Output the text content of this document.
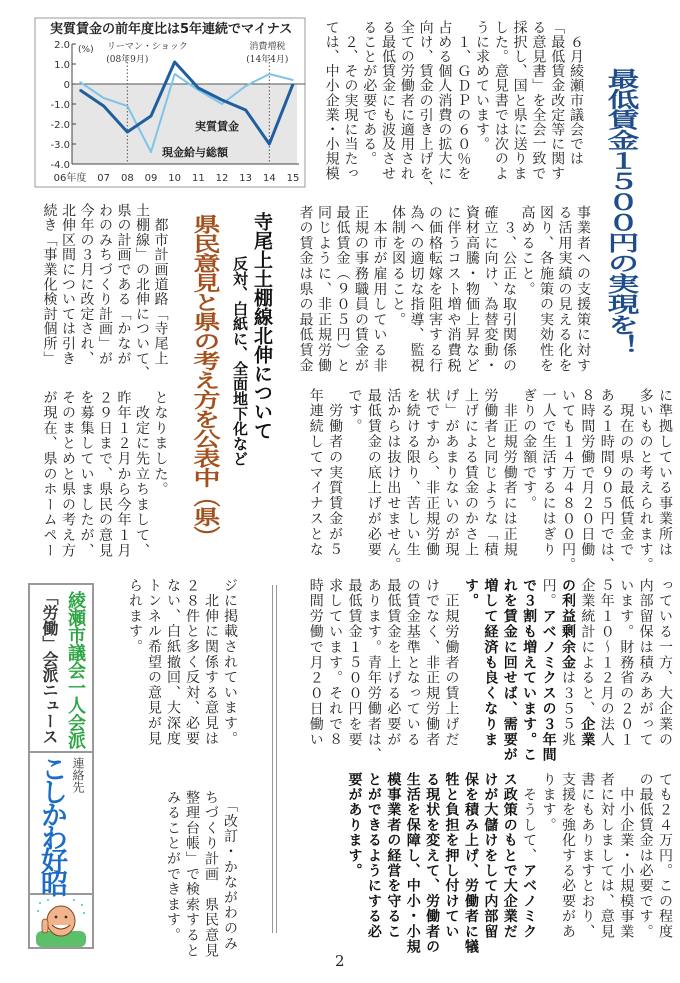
実質賃金の前年度比は5年連続でマイナス
2.0
1.0
0
-1.0
-2.0
-3.0
-4.0
(%)
06年度 07 08 09 10 11 12 13 14 15
リーマン・ショック
(08年9月)
消費増税
(14年4月)
実質賃金
現金給与総額	最低賃金１５００円の実現を！
寺尾上土棚線北伸について
反対、白紙に、全面地下化など
県民意見と県の考え方を公表中（県）
　６月綾瀬市議会では
「最低賃金改定等に関す
る意見書」を全会一致で
採択し、国と県に送りま
した。意見書では次のよ
うに求めています。
　１、ＧＤＰの６０％を
占める個人消費の拡大に
向け、賃金の引き上げを、
全ての労働者に適用され
る最低賃金にも波及させ
ることが必要である。
　２、その実現に当たっ
ては、中小企業・小規模
事業者への支援策に対す
る活用実績の見える化を
図り、各施策の実効性を
高めること。
　３、公正な取引関係の
確立に向け、為替変動・
資材高騰・物価上昇など
に伴うコスト増や消費税
の価格転嫁を阻害する行
為への適切な指導、監視
体制を図ること。
　本市が雇用している非
正規の事務職員の賃金が
最低賃金（９０５円）と
同じように、非正規労働
者の賃金は県の最低賃金
　都市計画道路「寺尾上
土棚線」の北伸について、
県の計画である「かなが
わのみちづくり計画」が
今年の３月に改定され、
北伸区間については引き
続き「事業化検討個所」
となりました。
　改定に先立ちまして、
昨年１２月から今年１月
２９日まで、県民の意見
を募集していましたが、
そのまとめと県の考え方
が現在、県のホームペー	に準拠している事業所は
多いものと考えられます。
　現在の県の最低賃金で
ある１時間９０５円では、
８時間労働で月２０日働
いても１４万４８００円。
一人で生活するにはぎり
ぎりの金額です。
　非正規労働者には正規
労働者と同じような「積
上げによる賃金のかさ上
げ」があまりないのが現
状ですから、非正規労働
を続ける限り、苦しい生
活からは抜け出せません。
最低賃金の底上げが必要
です。
　労働者の実質賃金が５
年連続してマイナスとな
っている一方、大企業の
内部留保は積みあがって
います。財務省の２０１
５年１０～１２月の法人
企業統計によると、企業
の利益剰余金は３５５兆
円。アベノミクスの３年間
で３割も増えています。こ
れを賃金に回せば、需要が
増して経済も良くなりま
す。
　正規労働者の賃上げだ
けでなく、非正規労働者
の賃金基準となっている
最低賃金を上げる必要が
あります。青年労働者は、
最低賃金１５００円を要
求しています。それで８
時間労働で月２０日働い
ても２４万円。この程度
の最低賃金は必要です。
　中小企業・小規模事業
者に対しましては、意見
書にもありますとおり、
支援を強化する必要があ
ります。
　そうして、アベノミク
ス政策のもとで大企業だ
けが大儲けをして内部留
保を積み上げ、労働者に犠
牲と負担を押し付けてい
る現状を変えて、労働者の
生活を保障し、中小・小規
模事業者の経営を守るこ
とができるようにする必
要があります。
ジに掲載されています。
　北伸に関係する意見は
２８件と多く反対、必要
ない、白紙撤回、大深度
トンネル希望の意見が見
られます。
　「改訂・かながわのみ
ちづくり計画　県民意見
整理台帳」で検索すると
みることができます。
綾瀬市議会一人会派
「労働」会派ニュース
連絡先
こしかわ好昭
2
